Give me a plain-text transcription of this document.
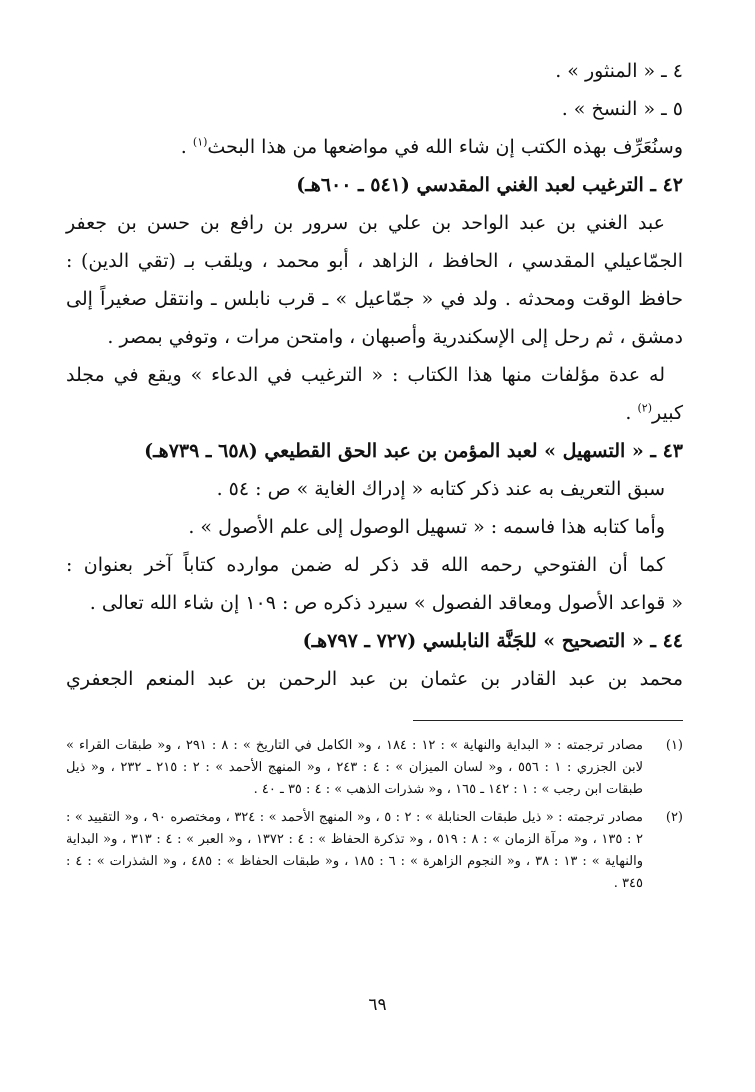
٤ ـ « المنثور » .
٥ ـ « النسخ » .
وسنُعَرِّف بهذه الكتب إن شاء الله في مواضعها من هذا البحث$^{(١)}$ .
٤٢ ـ الترغيب لعبد الغني المقدسي (٥٤١ ـ ٦٠٠هـ)
عبد الغني بن عبد الواحد بن علي بن سرور بن رافع بن حسن بن جعفر
الجمّاعيلي المقدسي ، الحافظ ، الزاهد ، أبو محمد ، ويلقب بـ (تقي الدين) :
حافظ الوقت ومحدثه . ولد في « جمّاعيل » ـ قرب نابلس ـ وانتقل صغيراً إلى
دمشق ، ثم رحل إلى الإسكندرية وأصبهان ، وامتحن مرات ، وتوفي بمصر .
له عدة مؤلفات منها هذا الكتاب : « الترغيب في الدعاء » ويقع في مجلد
كبير$^{(٢)}$ .
٤٣ ـ « التسهيل » لعبد المؤمن بن عبد الحق القطيعي (٦٥٨ ـ ٧٣٩هـ)
سبق التعريف به عند ذكر كتابه « إدراك الغاية » ص : ٥٤ .
وأما كتابه هذا فاسمه : « تسهيل الوصول إلى علم الأصول » .
كما أن الفتوحي رحمه الله قد ذكر له ضمن موارده كتاباً آخر بعنوان :
« قواعد الأصول ومعاقد الفصول » سيرد ذكره ص : ١٠٩ إن شاء الله تعالى .
٤٤ ـ « التصحيح » للجَنَّة النابلسي (٧٢٧ ـ ٧٩٧هـ)
محمد بن عبد القادر بن عثمان بن عبد الرحمن بن عبد المنعم الجعفري
(١)
مصادر ترجمته : « البداية والنهاية » : ١٢ : ١٨٤ ، و« الكامل في التاريخ » : ٨ : ٢٩١ ، و« طبقات القراء » لابن الجزري : ١ : ٥٥٦ ، و« لسان الميزان » : ٤ : ٢٤٣ ، و« المنهج الأحمد » : ٢ : ٢١٥ ـ ٢٣٢ ، و« ذيل طبقات ابن رجب » : ١ : ١٤٢ ـ ١٦٥ ، و« شذرات الذهب » : ٤ : ٣٥ ـ ٤٠ .
(٢)
مصادر ترجمته : « ذيل طبقات الحنابلة » : ٢ : ٥ ، و« المنهج الأحمد » : ٣٢٤ ، ومختصره ٩٠ ، و« التقييد » : ٢ : ١٣٥ ، و« مرآة الزمان » : ٨ : ٥١٩ ، و« تذكرة الحفاظ » : ٤ : ١٣٧٢ ، و« العبر » : ٤ : ٣١٣ ، و« البداية والنهاية » : ١٣ : ٣٨ ، و« النجوم الزاهرة » : ٦ : ١٨٥ ، و« طبقات الحفاظ » : ٤٨٥ ، و« الشذرات » : ٤ : ٣٤٥ .
٦٩
